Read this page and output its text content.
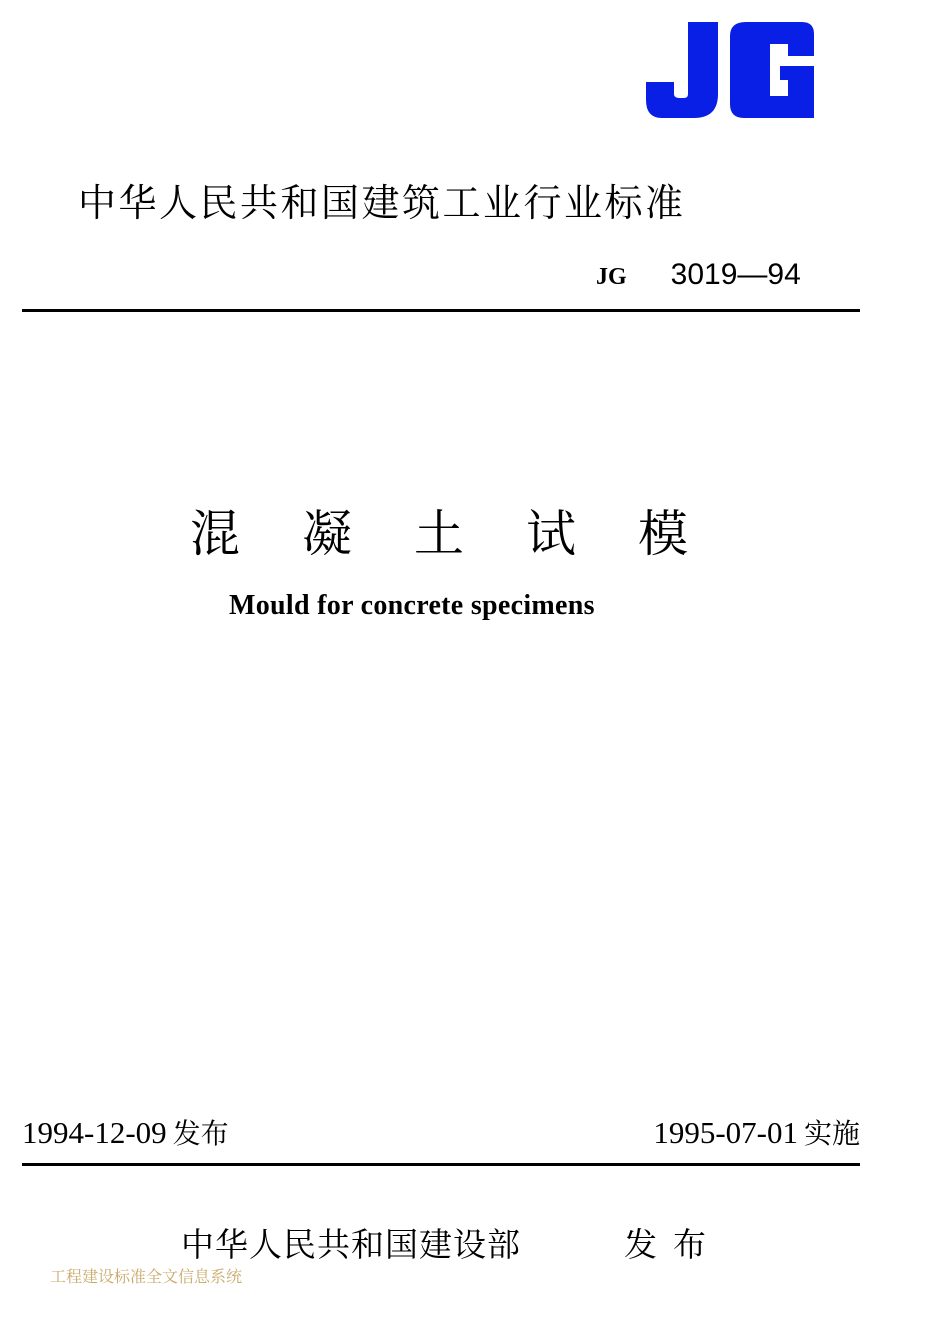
中华人民共和国建筑工业行业标准
JG 3019—94
混凝土试模
Mould for concrete specimens
1994-12-09 发布	1995-07-01 实施
中华人民共和国建设部	发布
工程建设标准全文信息系统
